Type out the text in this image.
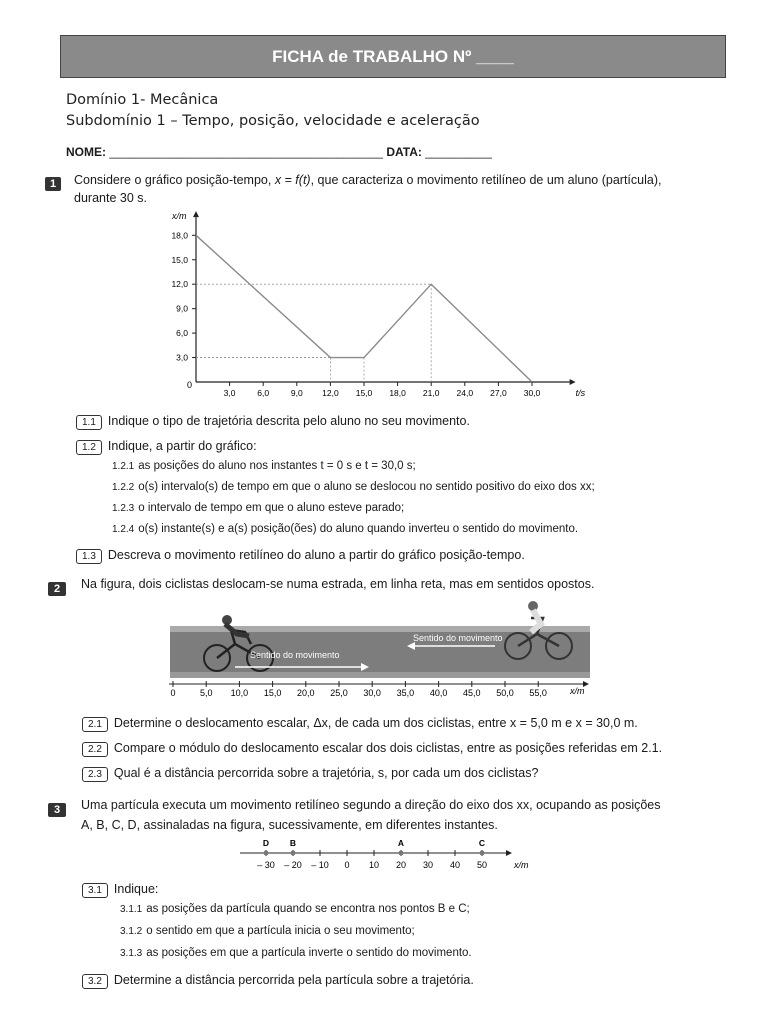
FICHA de TRABALHO Nº ____
Domínio 1- Mecânica
Subdomínio 1 – Tempo, posição, velocidade e aceleração
NOME: _________________________________________ DATA: __________
1	Considere o gráfico posição-tempo, x = f(t), que caracteriza o movimento retilíneo de um aluno (partícula),
durante 30 s.
x/m
t/s
0
3,0	6,0	9,0 12,0 15,0 18,0 21,0 24,0 27,0 30,0
3,0
6,0
9,0
12,0
15,0
18,0
1.1 Indique o tipo de trajetória descrita pelo aluno no seu movimento.
1.2 Indique, a partir do gráfico:
1.2.1 as posições do aluno nos instantes t = 0 s e t = 30,0 s;
1.2.2 o(s) intervalo(s) de tempo em que o aluno se deslocou no sentido positivo do eixo dos xx;
1.2.3 o intervalo de tempo em que o aluno esteve parado;
1.2.4 o(s) instante(s) e a(s) posição(ões) do aluno quando inverteu o sentido do movimento.
1.3 Descreva o movimento retilíneo do aluno a partir do gráfico posição-tempo.
2	Na figura, dois ciclistas deslocam-se numa estrada, em linha reta, mas em sentidos opostos.
Sentido do movimento
Sentido do movimento
0	5,0 10,0 15,0 20,0 25,0 30,0 35,0 40,0 45,0 50,0 55,0	x/m
2.1 Determine o deslocamento escalar, Δx, de cada um dos ciclistas, entre x = 5,0 m e x = 30,0 m.
2.2 Compare o módulo do deslocamento escalar dos dois ciclistas, entre as posições referidas em 2.1.
2.3 Qual é a distância percorrida sobre a trajetória, s, por cada um dos ciclistas?
3	Uma partícula executa um movimento retilíneo segundo a direção do eixo dos xx, ocupando as posições
A, B, C, D, assinaladas na figura, sucessivamente, em diferentes instantes.
– 30 – 20 – 10 0 10 20 30 40 50
D B	A	C
x/m
3.1 Indique:
3.1.1 as posições da partícula quando se encontra nos pontos B e C;
3.1.2 o sentido em que a partícula inicia o seu movimento;
3.1.3 as posições em que a partícula inverte o sentido do movimento.
3.2 Determine a distância percorrida pela partícula sobre a trajetória.
